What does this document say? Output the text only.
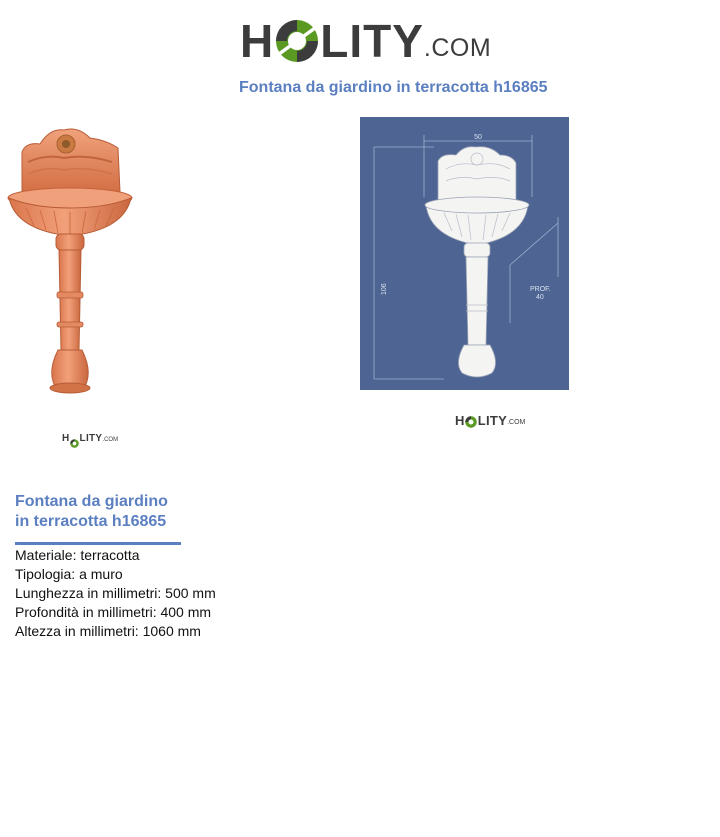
H LITY .COM
Fontana da giardino in terracotta h16865
H LITY .COM
50
106	PROF.
40
H LITY .COM
Fontana da giardino
in terracotta h16865
Materiale: terracotta
Tipologia: a muro
Lunghezza in millimetri: 500 mm
Profondità in millimetri: 400 mm
Altezza in millimetri: 1060 mm
